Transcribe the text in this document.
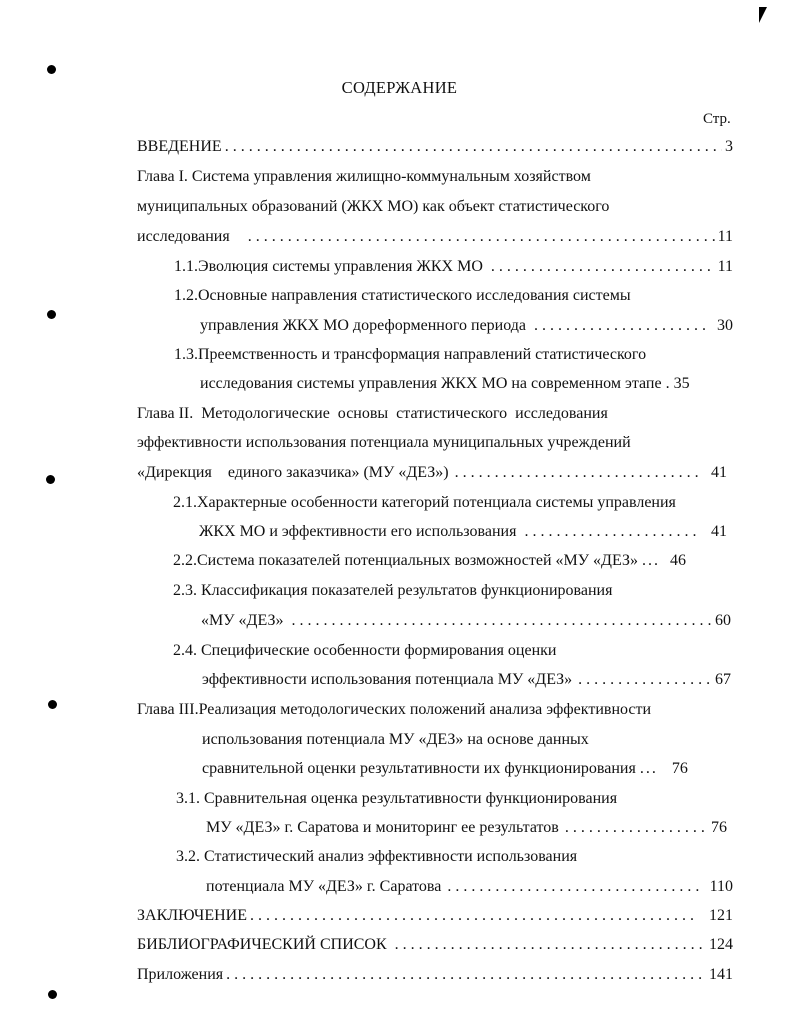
СОДЕРЖАНИЕ
Стр.
ВВЕДЕНИЕ . . .	3
Глава I. Система управления жилищно-коммунальным хозяйством
муниципальных образований (ЖКХ МО) как объект статистического
исследования . . .	11
1.1.Эволюция системы управления ЖКХ МО . . .	11
1.2.Основные направления статистического исследования системы
управления ЖКХ МО дореформенного периода . . .	30
1.3.Преемственность и трансформация направлений статистического
исследования системы управления ЖКХ МО на современном этапе . 35
Глава II.  Методологические  основы  статистического  исследования
эффективности использования потенциала муниципальных учреждений
«Дирекция    единого заказчика» (МУ «ДЕЗ») . . .	41
2.1.Характерные особенности категорий потенциала системы управления
ЖКХ МО и эффективности его использования . . .	41
2.2.Система показателей потенциальных возможностей «МУ «ДЕЗ» ... 46
2.3. Классификация показателей результатов функционирования
«МУ «ДЕЗ» . . .	60
2.4. Специфические особенности формирования оценки
эффективности использования потенциала МУ «ДЕЗ» . . .	67
Глава III.Реализация методологических положений анализа эффективности
использования потенциала МУ «ДЕЗ» на основе данных
сравнительной оценки результативности их функционирования ... 76
3.1. Сравнительная оценка результативности функционирования
МУ «ДЕЗ» г. Саратова и мониторинг ее результатов . . .	76
3.2. Статистический анализ эффективности использования
потенциала МУ «ДЕЗ» г. Саратова . . .	110
ЗАКЛЮЧЕНИЕ . . .	121
БИБЛИОГРАФИЧЕСКИЙ СПИСОК . . .	124
Приложения . . .	141
